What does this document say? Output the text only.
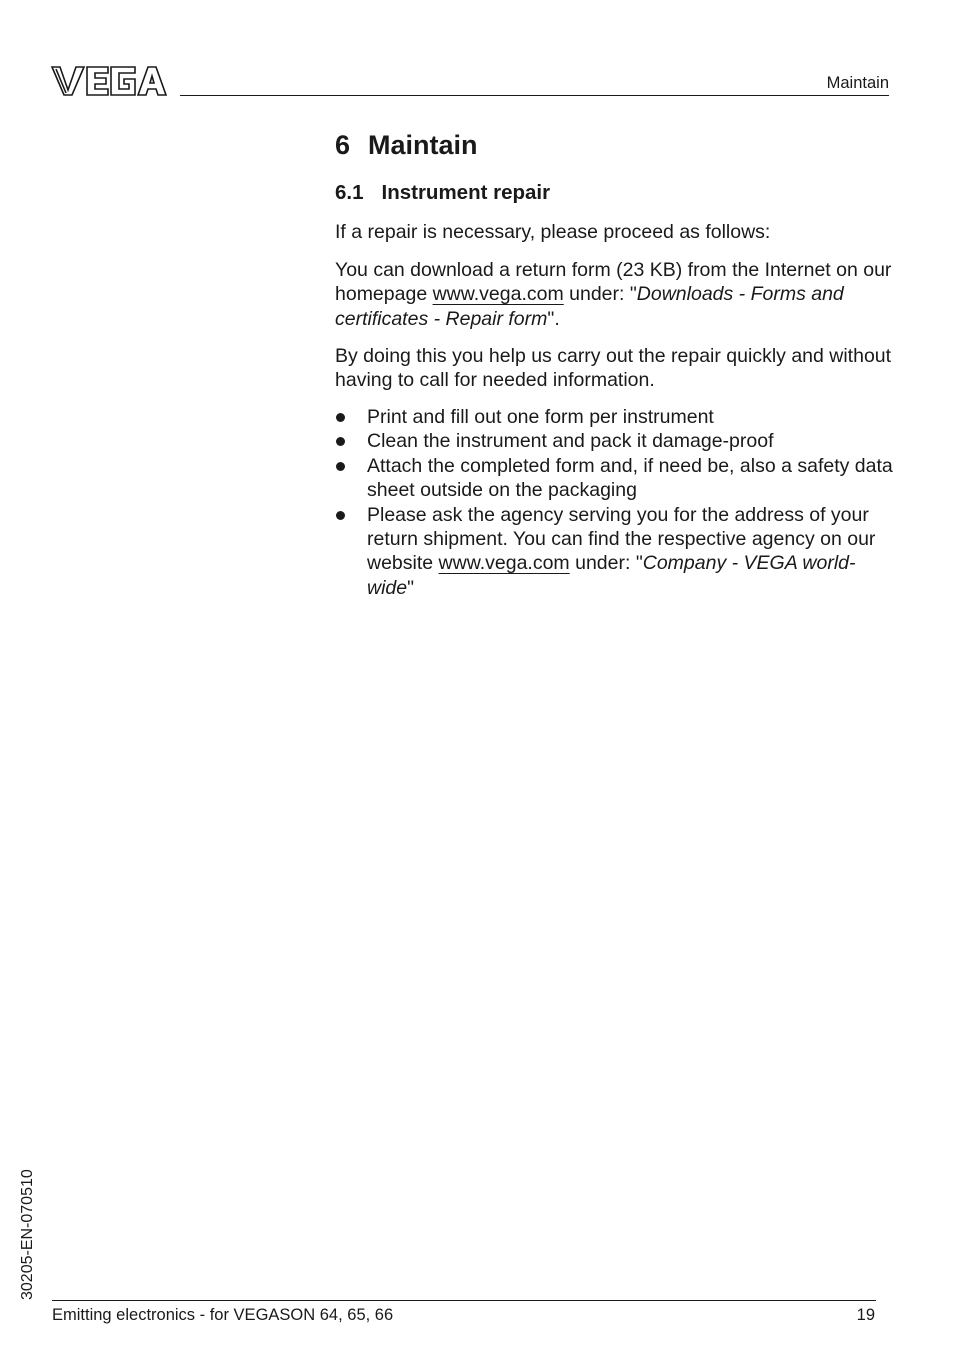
Maintain
6 Maintain
6.1 Instrument repair

If a repair is necessary, please proceed as follows:

You can download a return form (23 KB) from the Internet on our homepage www.vega.com under: "Downloads - Forms and certificates - Repair form".

By doing this you help us carry out the repair quickly and without having to call for needed information.

Print and fill out one form per instrument
Clean the instrument and pack it damage-proof
Attach the completed form and, if need be, also a safety data sheet outside on the packaging
Please ask the agency serving you for the address of your return shipment. You can find the respective agency on our website www.vega.com under: "Company - VEGA world-wide"
30205-EN-070510
Emitting electronics - for VEGASON 64, 65, 66	19
